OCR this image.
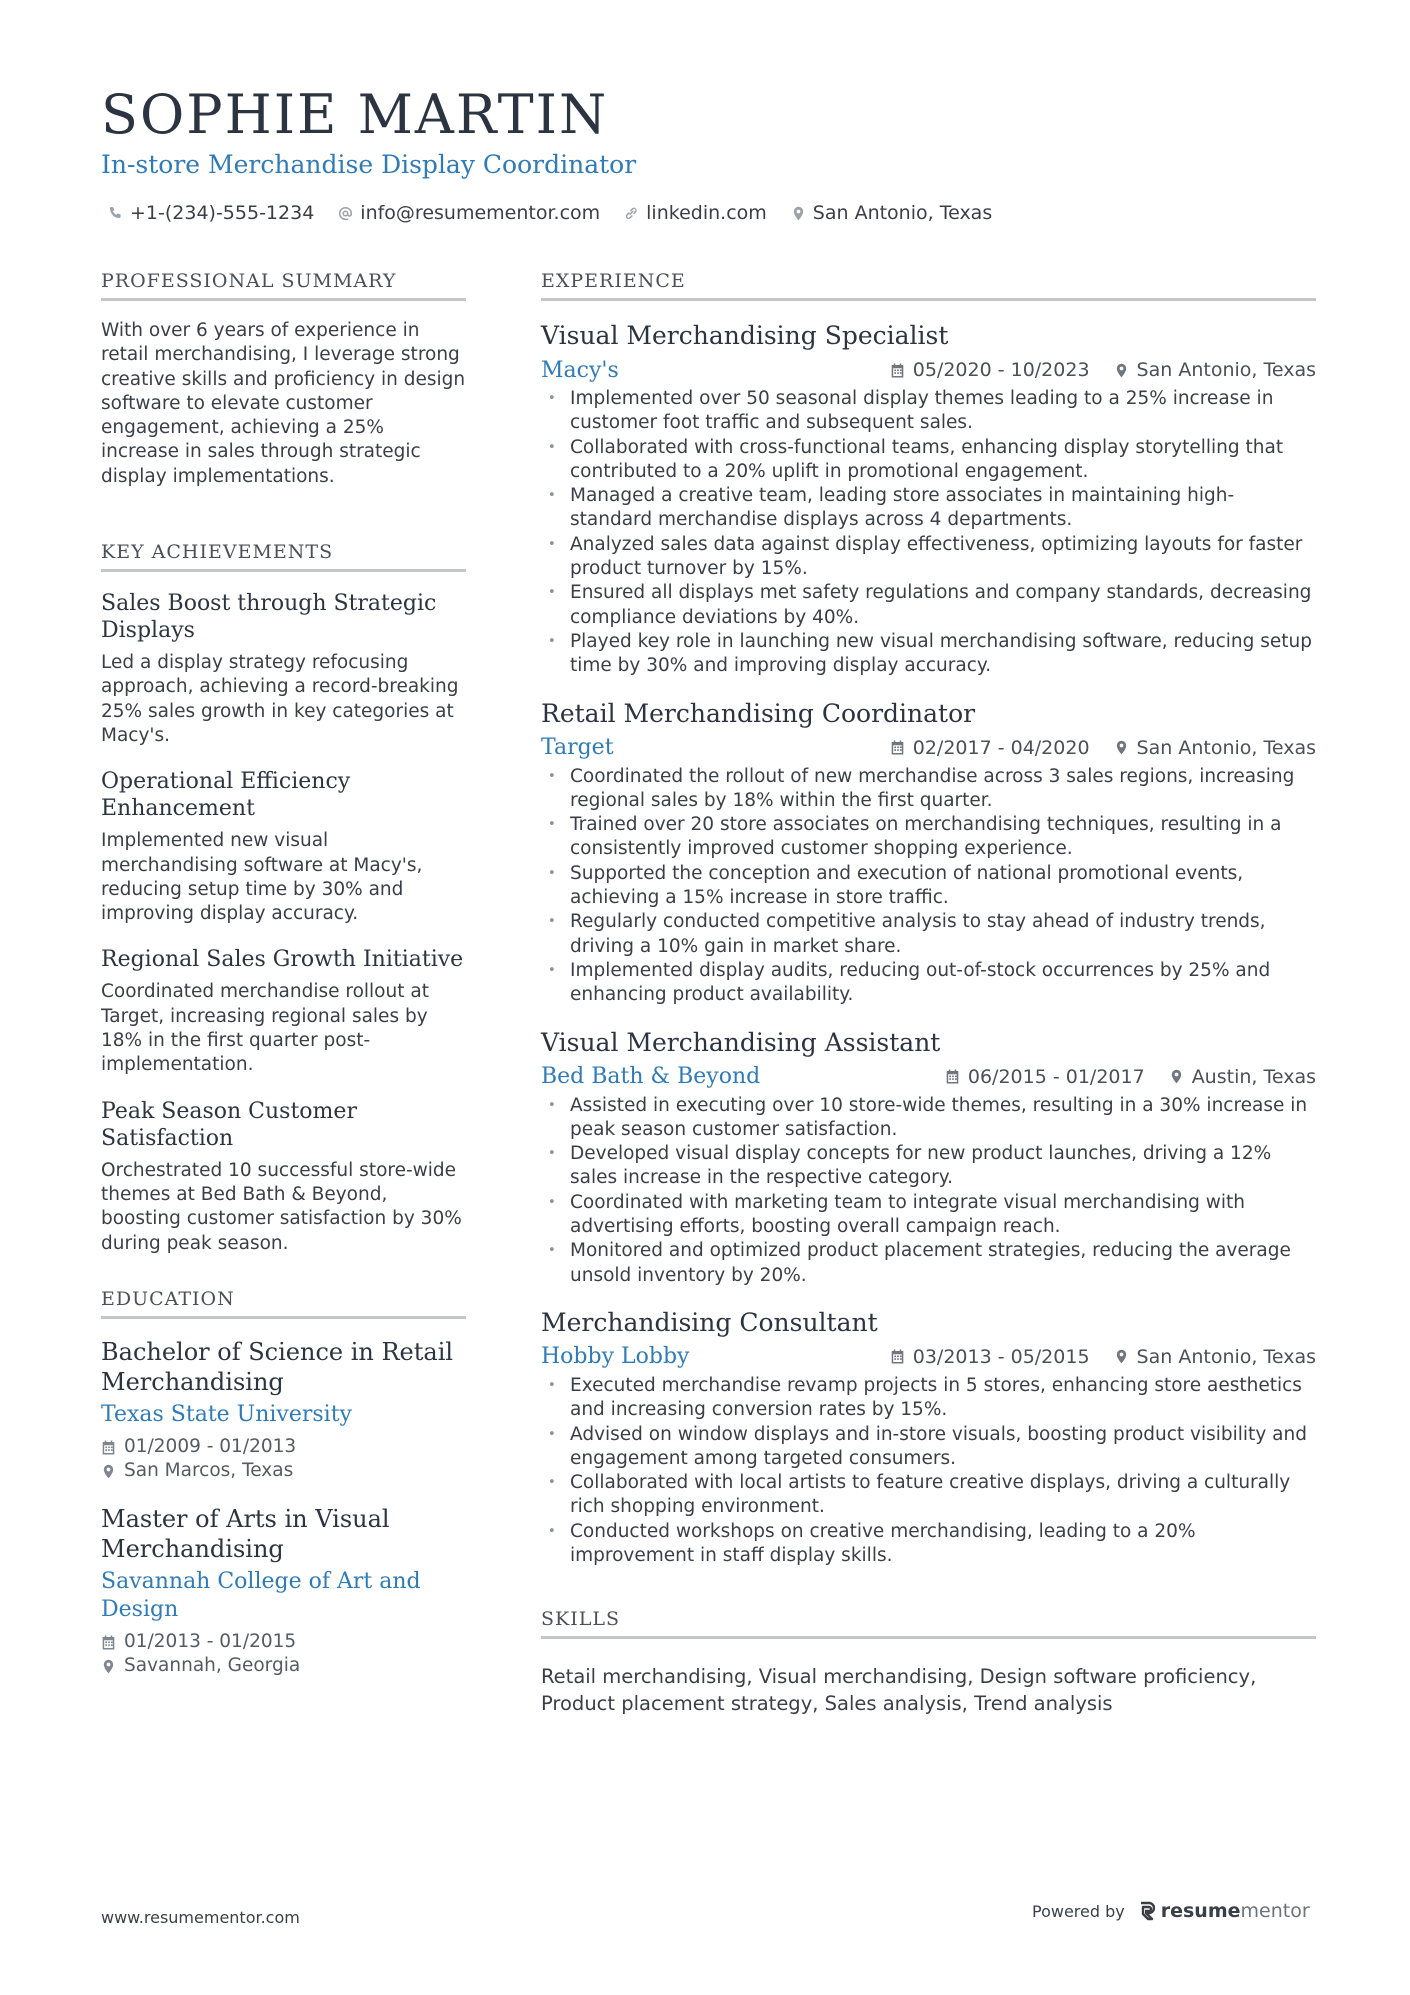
SOPHIE MARTIN
In-store Merchandise Display Coordinator
+1-(234)-555-1234 info@resumementor.com linkedin.com San Antonio, Texas
PROFESSIONAL SUMMARY

With over 6 years of experience in retail merchandising, I leverage strong creative skills and proficiency in design software to elevate customer engagement, achieving a 25% increase in sales through strategic display implementations.

KEY ACHIEVEMENTS
Sales Boost through Strategic Displays

Led a display strategy refocusing approach, achieving a record-breaking 25% sales growth in key categories at Macy's.

Operational Efficiency Enhancement

Implemented new visual merchandising software at Macy's, reducing setup time by 30% and improving display accuracy.

Regional Sales Growth Initiative

Coordinated merchandise rollout at Target, increasing regional sales by 18% in the first quarter post-implementation.

Peak Season Customer Satisfaction

Orchestrated 10 successful store-wide themes at Bed Bath & Beyond, boosting customer satisfaction by 30% during peak season.

EDUCATION
Bachelor of Science in Retail Merchandising
Texas State University
01/2009 - 01/2013
San Marcos, Texas
Master of Arts in Visual Merchandising
Savannah College of Art and Design
01/2013 - 01/2015
Savannah, Georgia
EXPERIENCE
Visual Merchandising Specialist
Macy's	05/2020 - 10/2023 San Antonio, Texas
• Implemented over 50 seasonal display themes leading to a 25% increase in customer foot traffic and subsequent sales.
• Collaborated with cross-functional teams, enhancing display storytelling that contributed to a 20% uplift in promotional engagement.
• Managed a creative team, leading store associates in maintaining high-standard merchandise displays across 4 departments.
• Analyzed sales data against display effectiveness, optimizing layouts for faster product turnover by 15%.
• Ensured all displays met safety regulations and company standards, decreasing compliance deviations by 40%.
• Played key role in launching new visual merchandising software, reducing setup time by 30% and improving display accuracy.
Retail Merchandising Coordinator
Target	02/2017 - 04/2020 San Antonio, Texas
• Coordinated the rollout of new merchandise across 3 sales regions, increasing regional sales by 18% within the first quarter.
• Trained over 20 store associates on merchandising techniques, resulting in a consistently improved customer shopping experience.
• Supported the conception and execution of national promotional events, achieving a 15% increase in store traffic.
• Regularly conducted competitive analysis to stay ahead of industry trends, driving a 10% gain in market share.
• Implemented display audits, reducing out-of-stock occurrences by 25% and enhancing product availability.
Visual Merchandising Assistant
Bed Bath & Beyond	06/2015 - 01/2017 Austin, Texas
• Assisted in executing over 10 store-wide themes, resulting in a 30% increase in peak season customer satisfaction.
• Developed visual display concepts for new product launches, driving a 12% sales increase in the respective category.
• Coordinated with marketing team to integrate visual merchandising with advertising efforts, boosting overall campaign reach.
• Monitored and optimized product placement strategies, reducing the average unsold inventory by 20%.
Merchandising Consultant
Hobby Lobby	03/2013 - 05/2015 San Antonio, Texas
• Executed merchandise revamp projects in 5 stores, enhancing store aesthetics and increasing conversion rates by 15%.
• Advised on window displays and in-store visuals, boosting product visibility and engagement among targeted consumers.
• Collaborated with local artists to feature creative displays, driving a culturally rich shopping environment.
• Conducted workshops on creative merchandising, leading to a 20% improvement in staff display skills.
SKILLS

Retail merchandising, Visual merchandising, Design software proficiency, Product placement strategy, Sales analysis, Trend analysis

www.resumementor.com	Powered by resumementor
